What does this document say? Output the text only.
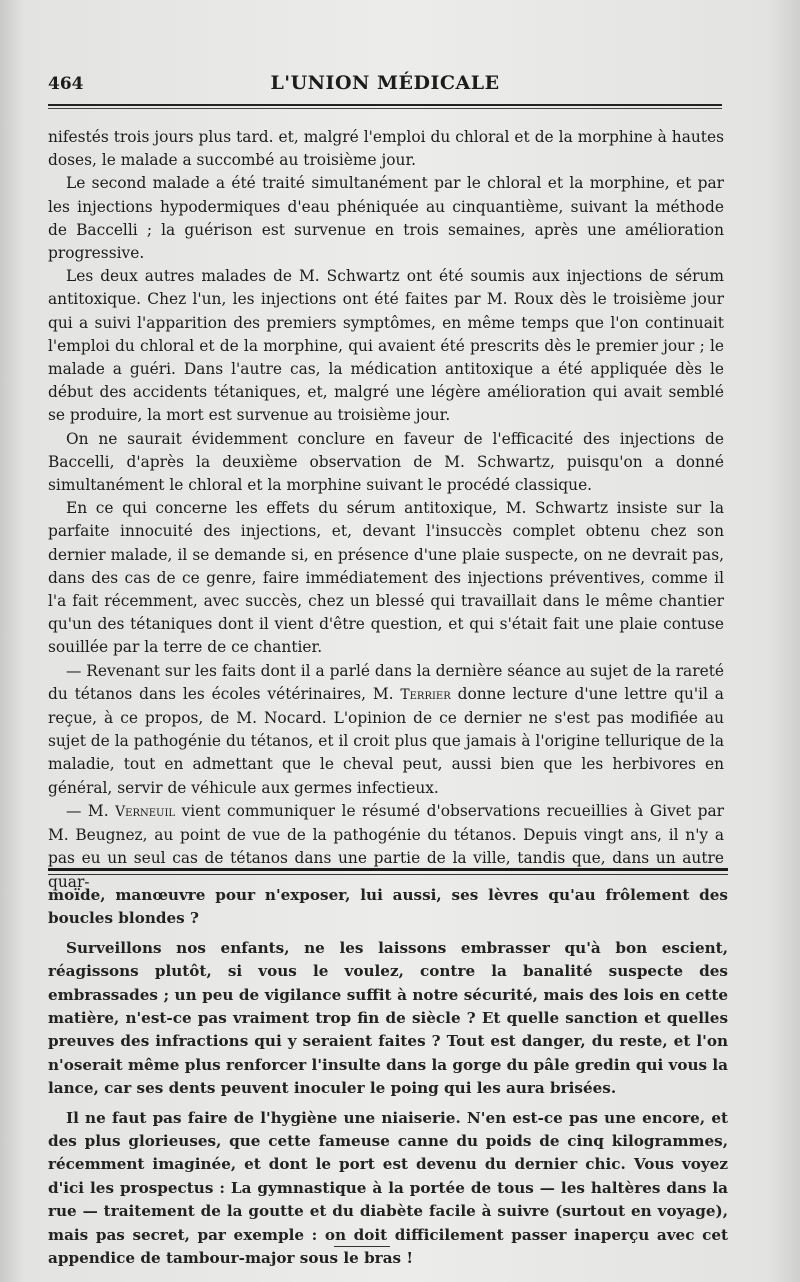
464	L'UNION MÉDICALE

nifestés trois jours plus tard. et, malgré l'emploi du chloral et de la morphine à hautes doses, le malade a succombé au troisième jour.

Le second malade a été traité simultanément par le chloral et la morphine, et par les injections hypodermiques d'eau phéniquée au cinquantième, suivant la méthode de Baccelli ; la guérison est survenue en trois semaines, après une amélioration progressive.

Les deux autres malades de M. Schwartz ont été soumis aux injections de sérum antitoxique. Chez l'un, les injections ont été faites par M. Roux dès le troisième jour qui a suivi l'apparition des premiers symptômes, en même temps que l'on continuait l'emploi du chloral et de la morphine, qui avaient été prescrits dès le premier jour ; le malade a guéri. Dans l'autre cas, la médication antitoxique a été appliquée dès le début des accidents tétaniques, et, malgré une légère amélioration qui avait semblé se produire, la mort est survenue au troisième jour.

On ne saurait évidemment conclure en faveur de l'efficacité des injections de Baccelli, d'après la deuxième observation de M. Schwartz, puisqu'on a donné simultanément le chloral et la morphine suivant le procédé classique.

En ce qui concerne les effets du sérum antitoxique, M. Schwartz insiste sur la parfaite innocuité des injections, et, devant l'insuccès complet obtenu chez son dernier malade, il se demande si, en présence d'une plaie suspecte, on ne devrait pas, dans des cas de ce genre, faire immédiatement des injections préventives, comme il l'a fait récemment, avec succès, chez un blessé qui travaillait dans le même chantier qu'un des tétaniques dont il vient d'être question, et qui s'était fait une plaie contuse souillée par la terre de ce chantier.

— Revenant sur les faits dont il a parlé dans la dernière séance au sujet de la rareté du tétanos dans les écoles vétérinaires, M. Terrier donne lecture d'une lettre qu'il a reçue, à ce propos, de M. Nocard. L'opinion de ce dernier ne s'est pas modifiée au sujet de la pathogénie du tétanos, et il croit plus que jamais à l'origine tellurique de la maladie, tout en admettant que le cheval peut, aussi bien que les herbivores en général, servir de véhicule aux germes infectieux.

— M. Verneuil vient communiquer le résumé d'observations recueillies à Givet par M. Beugnez, au point de vue de la pathogénie du tétanos. Depuis vingt ans, il n'y a pas eu un seul cas de tétanos dans une partie de la ville, tandis que, dans un autre quar-

moïde, manœuvre pour n'exposer, lui aussi, ses lèvres qu'au frôlement des boucles blondes ?

Surveillons nos enfants, ne les laissons embrasser qu'à bon escient, réagissons plutôt, si vous le voulez, contre la banalité suspecte des embrassades ; un peu de vigilance suffit à notre sécurité, mais des lois en cette matière, n'est-ce pas vraiment trop fin de siècle ? Et quelle sanction et quelles preuves des infractions qui y seraient faites ? Tout est danger, du reste, et l'on n'oserait même plus renforcer l'insulte dans la gorge du pâle gredin qui vous la lance, car ses dents peuvent inoculer le poing qui les aura brisées.

Il ne faut pas faire de l'hygiène une niaiserie. N'en est-ce pas une encore, et des plus glorieuses, que cette fameuse canne du poids de cinq kilogrammes, récemment imaginée, et dont le port est devenu du dernier chic. Vous voyez d'ici les prospectus : La gymnastique à la portée de tous — les haltères dans la rue — traitement de la goutte et du diabète facile à suivre (surtout en voyage), mais pas secret, par exemple : on doit difficilement passer inaperçu avec cet appendice de tambour-major sous le bras !
